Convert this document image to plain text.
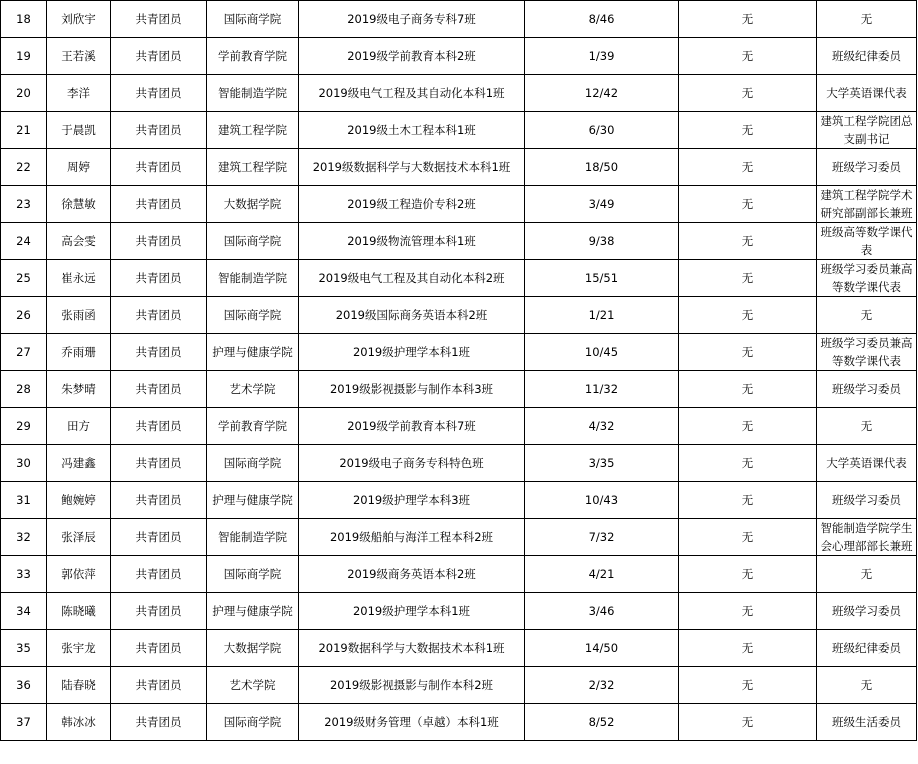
18	刘欣宇	共青团员	国际商学院	2019级电子商务专科7班	8/46	无	无
19	王若溪	共青团员	学前教育学院	2019级学前教育本科2班	1/39	无	班级纪律委员
20	李洋	共青团员	智能制造学院	2019级电气工程及其自动化本科1班	12/42	无	大学英语课代表
21	于晨凯	共青团员	建筑工程学院	2019级土木工程本科1班	6/30	无	建筑工程学院团总支副书记
22	周婷	共青团员	建筑工程学院	2019级数据科学与大数据技术本科1班	18/50	无	班级学习委员
23	徐慧敏	共青团员	大数据学院	2019级工程造价专科2班	3/49	无	建筑工程学院学术研究部副部长兼班
24	高会雯	共青团员	国际商学院	2019级物流管理本科1班	9/38	无	班级高等数学课代表
25	崔永远	共青团员	智能制造学院	2019级电气工程及其自动化本科2班	15/51	无	班级学习委员兼高等数学课代表
26	张雨函	共青团员	国际商学院	2019级国际商务英语本科2班	1/21	无	无
27	乔雨珊	共青团员	护理与健康学院	2019级护理学本科1班	10/45	无	班级学习委员兼高等数学课代表
28	朱梦晴	共青团员	艺术学院	2019级影视摄影与制作本科3班	11/32	无	班级学习委员
29	田方	共青团员	学前教育学院	2019级学前教育本科7班	4/32	无	无
30	冯建鑫	共青团员	国际商学院	2019级电子商务专科特色班	3/35	无	大学英语课代表
31	鲍婉婷	共青团员	护理与健康学院	2019级护理学本科3班	10/43	无	班级学习委员
32	张泽辰	共青团员	智能制造学院	2019级船舶与海洋工程本科2班	7/32	无	智能制造学院学生会心理部部长兼班
33	郭依萍	共青团员	国际商学院	2019级商务英语本科2班	4/21	无	无
34	陈晓曦	共青团员	护理与健康学院	2019级护理学本科1班	3/46	无	班级学习委员
35	张宇龙	共青团员	大数据学院	2019数据科学与大数据技术本科1班	14/50	无	班级纪律委员
36	陆春晓	共青团员	艺术学院	2019级影视摄影与制作本科2班	2/32	无	无
37	韩冰冰	共青团员	国际商学院	2019级财务管理（卓越）本科1班	8/52	无	班级生活委员
